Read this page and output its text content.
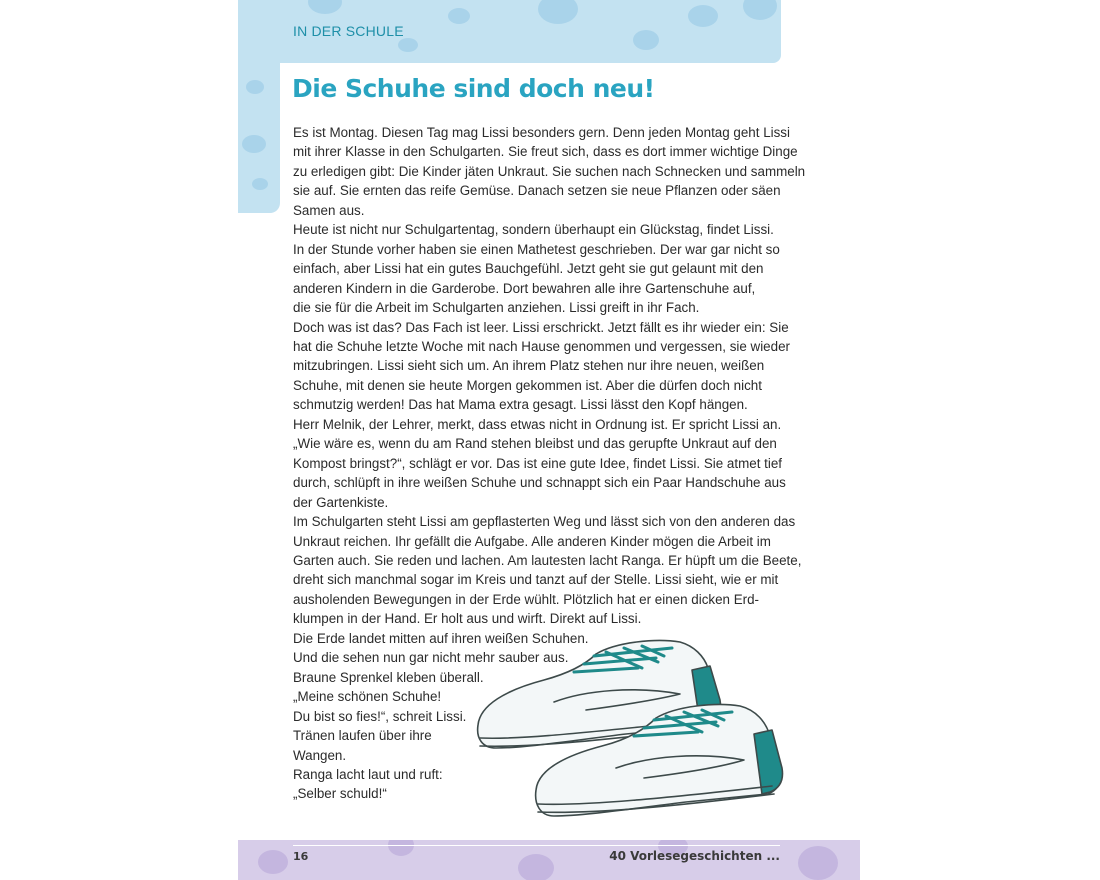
IN DER SCHULE
Die Schuhe sind doch neu!
Es ist Montag. Diesen Tag mag Lissi besonders gern. Denn jeden Montag geht Lissi
mit ihrer Klasse in den Schulgarten. Sie freut sich, dass es dort immer wichtige Dinge
zu erledigen gibt: Die Kinder jäten Unkraut. Sie suchen nach Schnecken und sammeln
sie auf. Sie ernten das reife Gemüse. Danach setzen sie neue Pflanzen oder säen
Samen aus.
Heute ist nicht nur Schulgartentag, sondern überhaupt ein Glückstag, findet Lissi.
In der Stunde vorher haben sie einen Mathetest geschrieben. Der war gar nicht so
einfach, aber Lissi hat ein gutes Bauchgefühl. Jetzt geht sie gut gelaunt mit den
anderen Kindern in die Garderobe. Dort bewahren alle ihre Gartenschuhe auf,
die sie für die Arbeit im Schulgarten anziehen. Lissi greift in ihr Fach.
Doch was ist das? Das Fach ist leer. Lissi erschrickt. Jetzt fällt es ihr wieder ein: Sie
hat die Schuhe letzte Woche mit nach Hause genommen und vergessen, sie wieder
mitzubringen. Lissi sieht sich um. An ihrem Platz stehen nur ihre neuen, weißen
Schuhe, mit denen sie heute Morgen gekommen ist. Aber die dürfen doch nicht
schmutzig werden! Das hat Mama extra gesagt. Lissi lässt den Kopf hängen.
Herr Melnik, der Lehrer, merkt, dass etwas nicht in Ordnung ist. Er spricht Lissi an.
„Wie wäre es, wenn du am Rand stehen bleibst und das gerupfte Unkraut auf den
Kompost bringst?“, schlägt er vor. Das ist eine gute Idee, findet Lissi. Sie atmet tief
durch, schlüpft in ihre weißen Schuhe und schnappt sich ein Paar Handschuhe aus
der Gartenkiste.
Im Schulgarten steht Lissi am gepflasterten Weg und lässt sich von den anderen das
Unkraut reichen. Ihr gefällt die Aufgabe. Alle anderen Kinder mögen die Arbeit im
Garten auch. Sie reden und lachen. Am lautesten lacht Ranga. Er hüpft um die Beete,
dreht sich manchmal sogar im Kreis und tanzt auf der Stelle. Lissi sieht, wie er mit
ausholenden Bewegungen in der Erde wühlt. Plötzlich hat er einen dicken Erd-
klumpen in der Hand. Er holt aus und wirft. Direkt auf Lissi.
Die Erde landet mitten auf ihren weißen Schuhen.
Und die sehen nun gar nicht mehr sauber aus.
Braune Sprenkel kleben überall.
„Meine schönen Schuhe!
Du bist so fies!“, schreit Lissi.
Tränen laufen über ihre
Wangen.
Ranga lacht laut und ruft:
„Selber schuld!“
16	40 Vorlesegeschichten ...
